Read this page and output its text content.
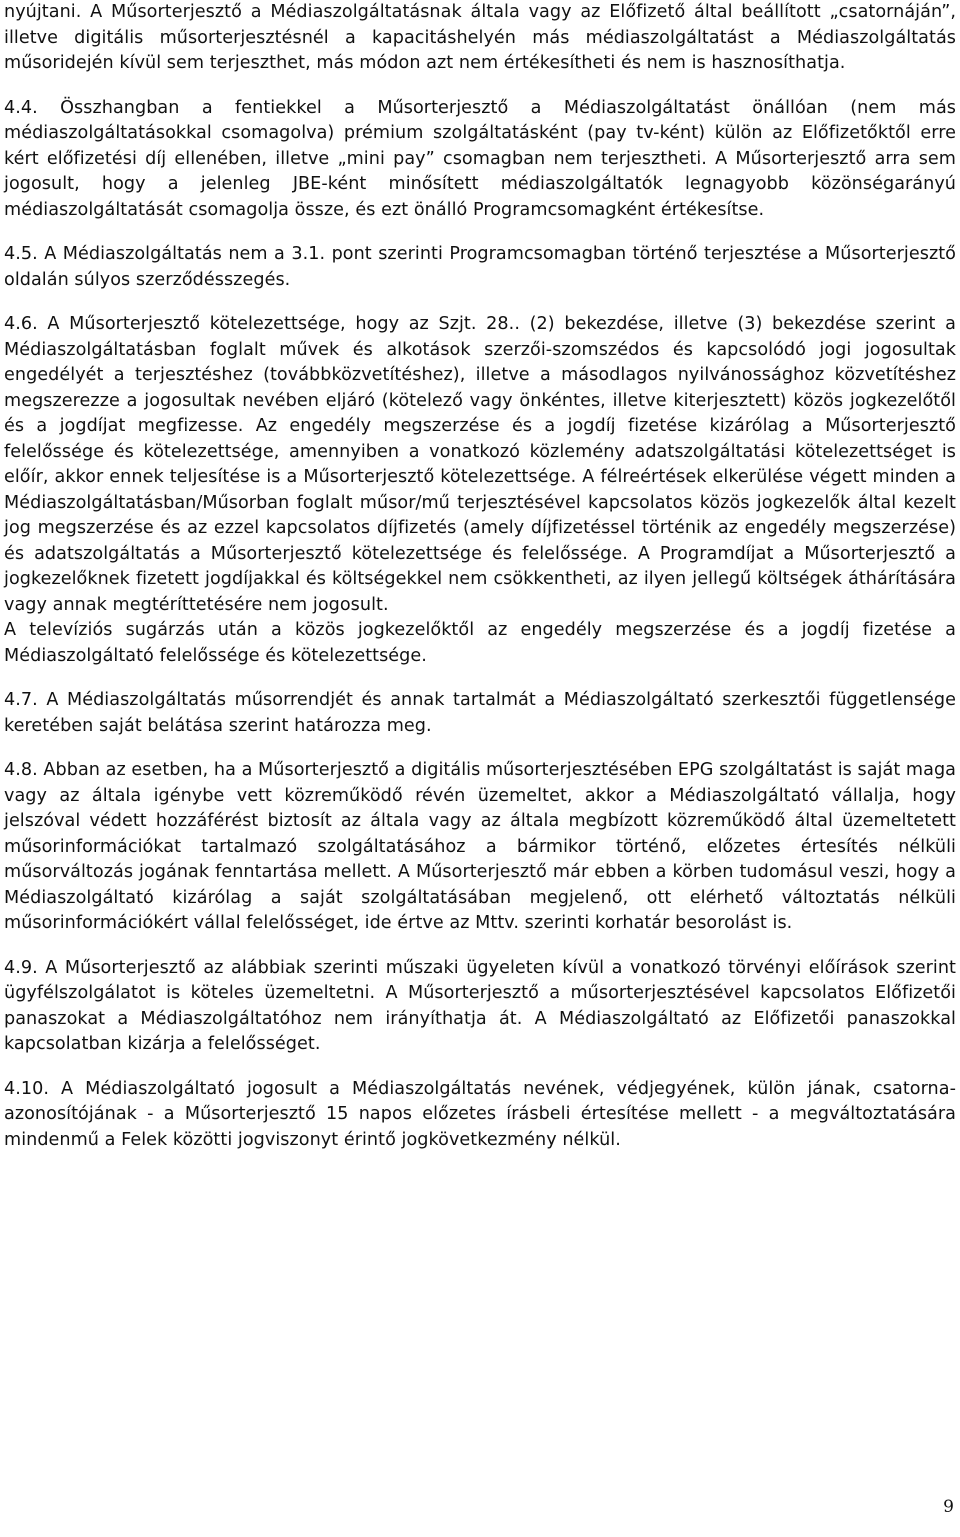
nyújtani. A Műsorterjesztő a Médiaszolgáltatásnak általa vagy az Előfizető által beállított „csatornáján”, illetve digitális műsorterjesztésnél a kapacitáshelyén más médiaszolgáltatást a Médiaszolgáltatás műsoridején kívül sem terjeszthet, más módon azt nem értékesítheti és nem is hasznosíthatja.

4.4. Összhangban a fentiekkel a Műsorterjesztő a Médiaszolgáltatást önállóan (nem más médiaszolgáltatásokkal csomagolva) prémium szolgáltatásként (pay tv-ként) külön az Előfizetőktől erre kért előfizetési díj ellenében, illetve „mini pay” csomagban nem terjesztheti. A Műsorterjesztő arra sem jogosult, hogy a jelenleg JBE-ként minősített médiaszolgáltatók legnagyobb közönségarányú médiaszolgáltatását csomagolja össze, és ezt önálló Programcsomagként értékesítse.

4.5. A Médiaszolgáltatás nem a 3.1. pont szerinti Programcsomagban történő terjesztése a Műsorterjesztő oldalán súlyos szerződésszegés.

4.6. A Műsorterjesztő kötelezettsége, hogy az Szjt. 28.. (2) bekezdése, illetve (3) bekezdése szerint a Médiaszolgáltatásban foglalt művek és alkotások szerzői-szomszédos és kapcsolódó jogi jogosultak engedélyét a terjesztéshez (továbbközvetítéshez), illetve a másodlagos nyilvánossághoz közvetítéshez megszerezze a jogosultak nevében eljáró (kötelező vagy önkéntes, illetve kiterjesztett) közös jogkezelőtől és a jogdíjat megfizesse. Az engedély megszerzése és a jogdíj fizetése kizárólag a Műsorterjesztő felelőssége és kötelezettsége, amennyiben a vonatkozó közlemény adatszolgáltatási kötelezettséget is előír, akkor ennek teljesítése is a Műsorterjesztő kötelezettsége. A félreértések elkerülése végett minden a Médiaszolgáltatásban/Műsorban foglalt műsor/mű terjesztésével kapcsolatos közös jogkezelők által kezelt jog megszerzése és az ezzel kapcsolatos díjfizetés (amely díjfizetéssel történik az engedély megszerzése) és adatszolgáltatás a Műsorterjesztő kötelezettsége és felelőssége. A Programdíjat a Műsorterjesztő a jogkezelőknek fizetett jogdíjakkal és költségekkel nem csökkentheti, az ilyen jellegű költségek áthárítására vagy annak megtéríttetésére nem jogosult.

A televíziós sugárzás után a közös jogkezelőktől az engedély megszerzése és a jogdíj fizetése a Médiaszolgáltató felelőssége és kötelezettsége.

4.7. A Médiaszolgáltatás műsorrendjét és annak tartalmát a Médiaszolgáltató szerkesztői függetlensége keretében saját belátása szerint határozza meg.

4.8. Abban az esetben, ha a Műsorterjesztő a digitális műsorterjesztésében EPG szolgáltatást is saját maga vagy az általa igénybe vett közreműködő révén üzemeltet, akkor a Médiaszolgáltató vállalja, hogy jelszóval védett hozzáférést biztosít az általa vagy az általa megbízott közreműködő által üzemeltetett műsorinformációkat tartalmazó szolgáltatásához a bármikor történő, előzetes értesítés nélküli műsorváltozás jogának fenntartása mellett. A Műsorterjesztő már ebben a körben tudomásul veszi, hogy a Médiaszolgáltató kizárólag a saját szolgáltatásában megjelenő, ott elérhető változtatás nélküli műsorinformációkért vállal felelősséget, ide értve az Mttv. szerinti korhatár besorolást is.

4.9. A Műsorterjesztő az alábbiak szerinti műszaki ügyeleten kívül a vonatkozó törvényi előírások szerint ügyfélszolgálatot is köteles üzemeltetni. A Műsorterjesztő a műsorterjesztésével kapcsolatos Előfizetői panaszokat a Médiaszolgáltatóhoz nem irányíthatja át. A Médiaszolgáltató az Előfizetői panaszokkal kapcsolatban kizárja a felelősséget.

4.10. A Médiaszolgáltató jogosult a Médiaszolgáltatás nevének, védjegyének, külön jának, csatorna-azonosítójának - a Műsorterjesztő 15 napos előzetes írásbeli értesítése mellett - a megváltoztatására mindenmű a Felek közötti jogviszonyt érintő jogkövetkezmény nélkül.

9
